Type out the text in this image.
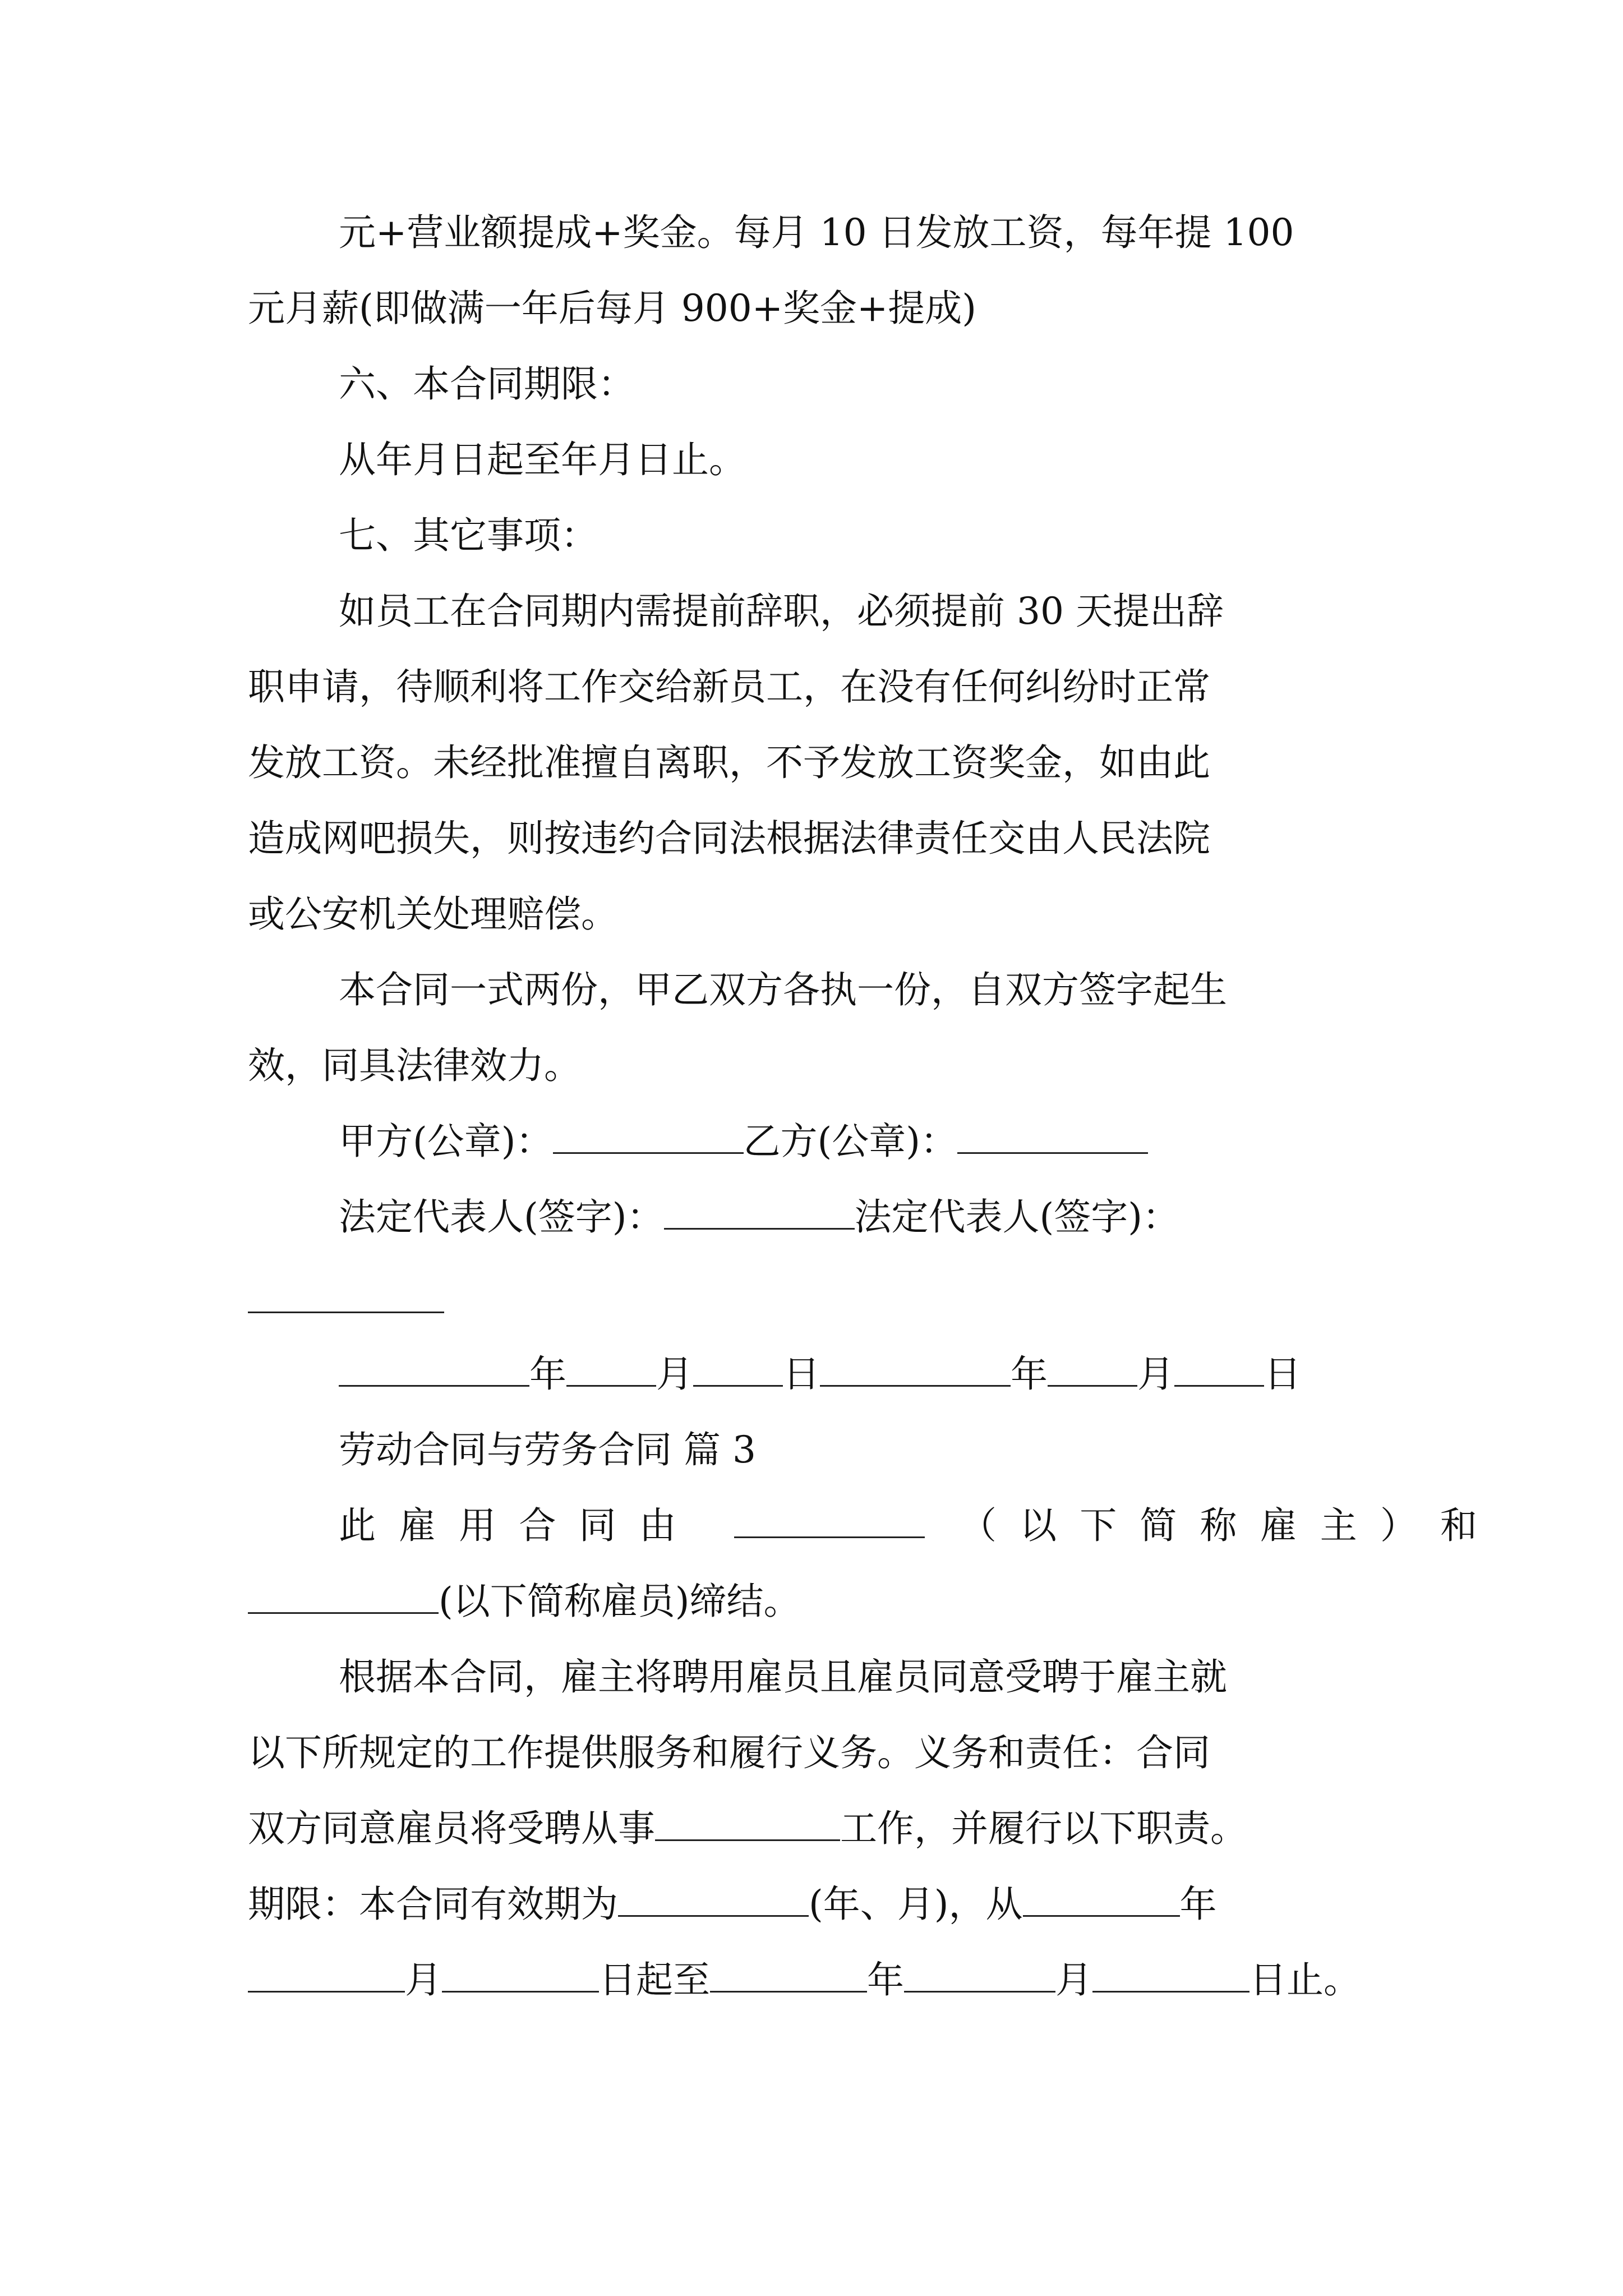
元+营业额提成+奖金。每月 10 日发放工资，每年提 100
元月薪(即做满一年后每月 900+奖金+提成)
六、本合同期限：
从年月日起至年月日止。
七、其它事项：
如员工在合同期内需提前辞职，必须提前 30 天提出辞
职申请，待顺利将工作交给新员工，在没有任何纠纷时正常
发放工资。未经批准擅自离职，不予发放工资奖金，如由此
造成网吧损失，则按违约合同法根据法律责任交由人民法院
或公安机关处理赔偿。
本合同一式两份，甲乙双方各执一份，自双方签字起生
效，同具法律效力。
甲方(公章)：	乙方(公章)：
法定代表人(签字)：	法定代表人(签字)：
年 月 日	年 月 日
劳动合同与劳务合同 篇 3
此雇用合同由	（以下简称雇主）和
(以下简称雇员)缔结。
根据本合同，雇主将聘用雇员且雇员同意受聘于雇主就
以下所规定的工作提供服务和履行义务。义务和责任：合同
双方同意雇员将受聘从事	工作，并履行以下职责。
期限：本合同有效期为	(年、月)，从	年
月	日起至	年	月	日止。
